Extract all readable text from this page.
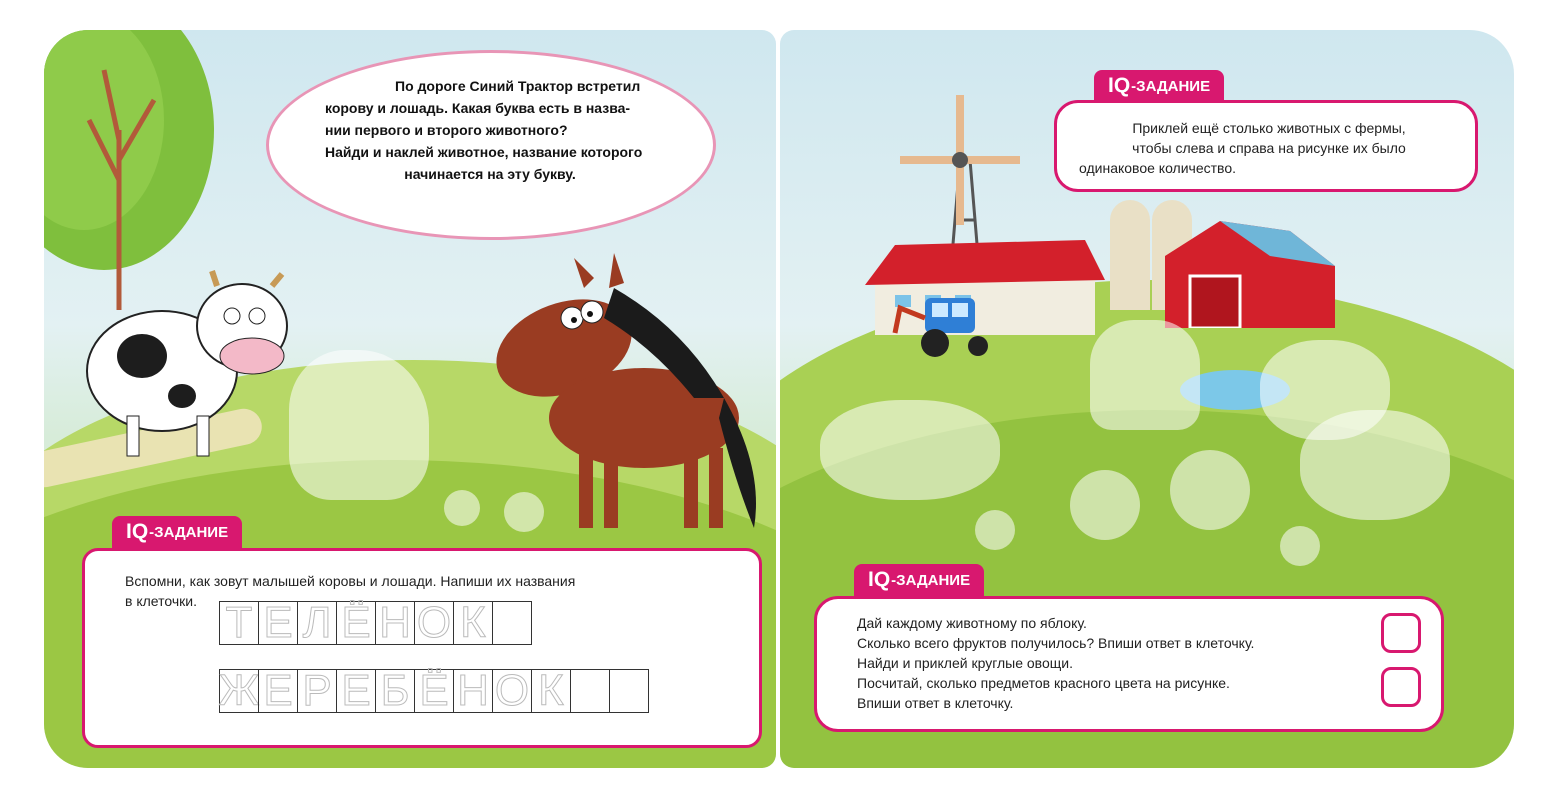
По дороге Синий Трактор встретил
корову и лошадь. Какая буква есть в назва-
нии первого и второго животного?
Найди и наклей животное, название которого
начинается на эту букву.
IQ -ЗАДАНИЕ
Вспомни, как зовут малышей коровы и лошади. Напиши их названия
в клеточки. Т Е Л Ё Н О К
Ж Е Р Е Б Ё Н О К
IQ -ЗАДАНИЕ
Приклей ещё столько животных с фермы,
чтобы слева и справа на рисунке их было
одинаковое количество.
IQ -ЗАДАНИЕ
Дай каждому животному по яблоку.
Сколько всего фруктов получилось? Впиши ответ в клеточку.
Найди и приклей круглые овощи.
Посчитай, сколько предметов красного цвета на рисунке.
Впиши ответ в клеточку.
